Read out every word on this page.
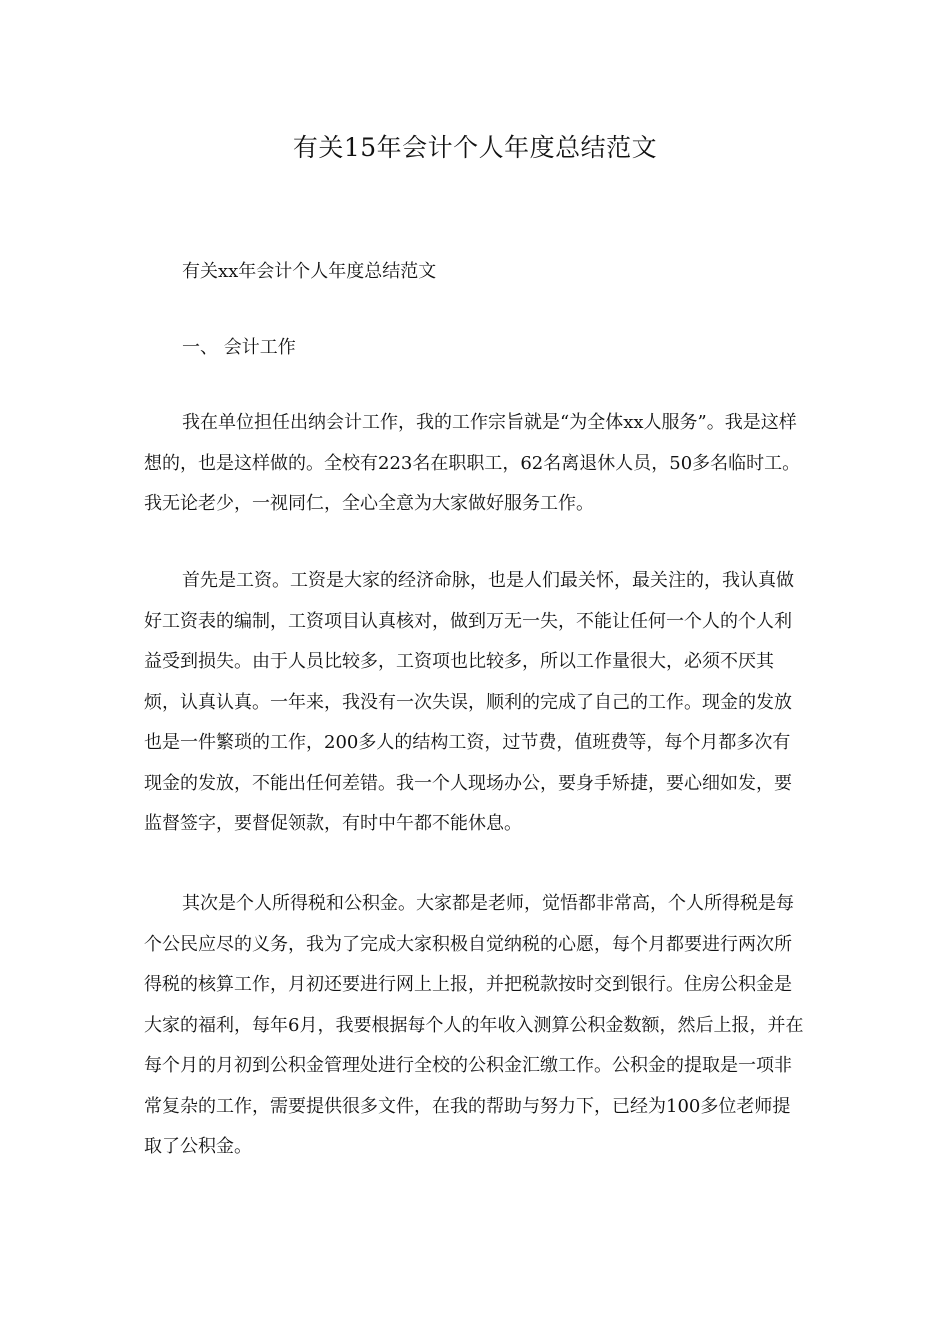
有关15年会计个人年度总结范文
有关xx年会计个人年度总结范文
一、 会计工作
我在单位担任出纳会计工作，我的工作宗旨就是“为全体xx人服务”。我是这样想的，也是这样做的。全校有223名在职职工，62名离退休人员，50多名临时工。我无论老少，一视同仁，全心全意为大家做好服务工作。
首先是工资。工资是大家的经济命脉，也是人们最关怀，最关注的，我认真做好工资表的编制，工资项目认真核对，做到万无一失，不能让任何一个人的个人利益受到损失。由于人员比较多，工资项也比较多，所以工作量很大，必须不厌其烦，认真认真。一年来，我没有一次失误，顺利的完成了自己的工作。现金的发放也是一件繁琐的工作，200多人的结构工资，过节费，值班费等，每个月都多次有现金的发放，不能出任何差错。我一个人现场办公，要身手矫捷，要心细如发，要监督签字，要督促领款，有时中午都不能休息。
其次是个人所得税和公积金。大家都是老师，觉悟都非常高，个人所得税是每个公民应尽的义务，我为了完成大家积极自觉纳税的心愿，每个月都要进行两次所得税的核算工作，月初还要进行网上上报，并把税款按时交到银行。住房公积金是大家的福利，每年6月，我要根据每个人的年收入测算公积金数额，然后上报，并在每个月的月初到公积金管理处进行全校的公积金汇缴工作。公积金的提取是一项非常复杂的工作，需要提供很多文件，在我的帮助与努力下，已经为100多位老师提取了公积金。
